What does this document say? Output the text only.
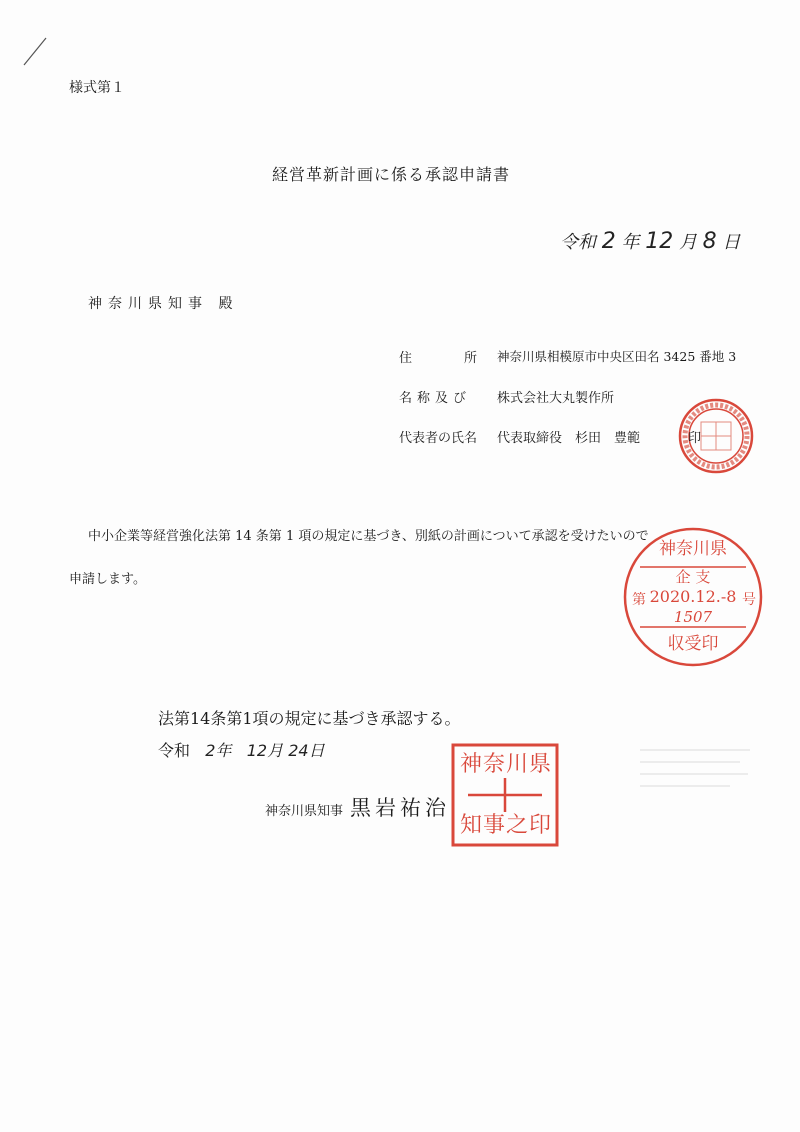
様式第１
経営革新計画に係る承認申請書
令和 2 年 12 月 8 日
神奈川県知事 殿
住	所 神奈川県相模原市中央区田名 3425 番地 3
名称及び 株式会社大丸製作所
代表者の氏名 代表取締役　杉田　豊範	印
中小企業等経営強化法第 14 条第 1 項の規定に基づき、別紙の計画について承認を受けたいので
申請します。
神奈川県
企 支
第 2020.12.-8 号
1507
収受印
法第14条第1項の規定に基づき承認する。
令和 2年 12月 24日
神奈川県知事 黒岩祐治
神 奈 川 県
知 事 之 印
